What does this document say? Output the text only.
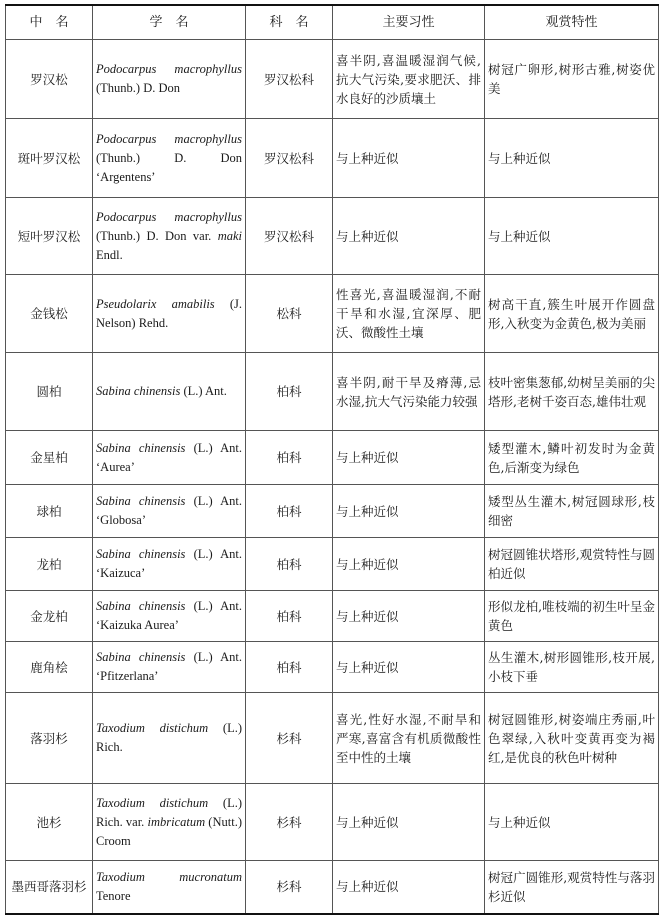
中　名	学　名	科　名	主要习性	观赏特性
罗汉松	Podocarpus macrophyllus (Thunb.) D. Don	罗汉松科	喜半阴,喜温暖湿润气候,抗大气污染,要求肥沃、排水良好的沙质壤土	树冠广卵形,树形古雅,树姿优美
斑叶罗汉松	Podocarpus macrophyllus (Thunb.) D. Don ‘Argentens’	罗汉松科	与上种近似	与上种近似
短叶罗汉松	Podocarpus macrophyllus (Thunb.) D. Don var. maki Endl.	罗汉松科	与上种近似	与上种近似
金钱松	Pseudolarix amabilis (J. Nelson) Rehd.	松科	性喜光,喜温暖湿润,不耐干旱和水湿,宜深厚、肥沃、微酸性土壤	树高干直,簇生叶展开作圆盘形,入秋变为金黄色,极为美丽
圆柏	Sabina chinensis (L.) Ant.	柏科	喜半阴,耐干旱及瘠薄,忌水湿,抗大气污染能力较强	枝叶密集葱郁,幼树呈美丽的尖塔形,老树千姿百态,雄伟壮观
金星柏	Sabina chinensis (L.) Ant. ‘Aurea’	柏科	与上种近似	矮型灌木,鳞叶初发时为金黄色,后渐变为绿色
球柏	Sabina chinensis (L.) Ant. ‘Globosa’	柏科	与上种近似	矮型丛生灌木,树冠圆球形,枝细密
龙柏	Sabina chinensis (L.) Ant. ‘Kaizuca’	柏科	与上种近似	树冠圆锥状塔形,观赏特性与圆柏近似
金龙柏	Sabina chinensis (L.) Ant. ‘Kaizuka Aurea’	柏科	与上种近似	形似龙柏,唯枝端的初生叶呈金黄色
鹿角桧	Sabina chinensis (L.) Ant. ‘Pfitzerlana’	柏科	与上种近似	丛生灌木,树形圆锥形,枝开展,小枝下垂
落羽杉	Taxodium distichum (L.) Rich.	杉科	喜光,性好水湿,不耐旱和严寒,喜富含有机质微酸性至中性的土壤	树冠圆锥形,树姿端庄秀丽,叶色翠绿,入秋叶变黄再变为褐红,是优良的秋色叶树种
池杉	Taxodium distichum (L.) Rich. var. imbricatum (Nutt.) Croom	杉科	与上种近似	与上种近似
墨西哥落羽杉	Taxodium mucronatum Tenore	杉科	与上种近似	树冠广圆锥形,观赏特性与落羽杉近似
